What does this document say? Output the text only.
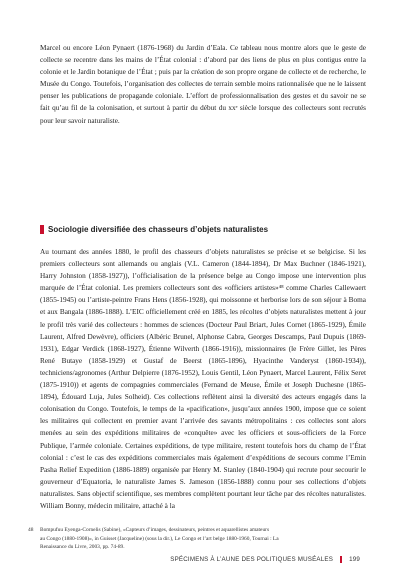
Marcel ou encore Léon Pynaert (1876-1968) du Jardin d’Eala. Ce tableau nous montre alors que le geste de collecte se recentre dans les mains de l’État colonial : d’abord par des liens de plus en plus contigus entre la colonie et le Jardin botanique de l’État ; puis par la création de son propre organe de collecte et de recherche, le Musée du Congo. Toutefois, l’organisation des collectes de terrain semble moins rationnalisée que ne le laissent penser les publications de propagande coloniale. L’effort de professionnalisation des gestes et du savoir ne se fait qu’au fil de la colonisation, et surtout à partir du début du xxᵉ siècle lorsque des collecteurs sont recrutés pour leur savoir naturaliste.

Sociologie diversifiée des chasseurs d’objets naturalistes

Au tournant des années 1880, le profil des chasseurs d’objets naturalistes se précise et se belgicise. Si les premiers collecteurs sont allemands ou anglais (V.L. Cameron (1844-1894), Dr Max Buchner (1846-1921), Harry Johnston (1858-1927)), l’officialisation de la présence belge au Congo impose une intervention plus marquée de l’État colonial. Les premiers collecteurs sont des «officiers artistes»⁴⁸ comme Charles Callewaert (1855-1945) ou l’artiste-peintre Frans Hens (1856-1928), qui moissonne et herborise lors de son séjour à Boma et aux Bangala (1886-1888). L’EIC officiellement créé en 1885, les récoltes d’objets naturalistes mettent à jour le profil très varié des collecteurs : hommes de sciences (Docteur Paul Briart, Jules Cornet (1865-1929), Émile Laurent, Alfred Dewèvre), officiers (Albéric Brunel, Alphonse Cabra, Georges Descamps, Paul Dupuis (1869-1931), Edgar Verdick (1868-1927), Étienne Wilverth (1866-1916)), missionnaires (le Frère Gillet, les Pères René Butaye (1858-1929) et Gustaf de Beerst (1865-1896), Hyacinthe Vanderyst (1860-1934)), techniciens/agronomes (Arthur Delpierre (1876-1952), Louis Gentil, Léon Pynaert, Marcel Laurent, Félix Seret (1875-1910)) et agents de compagnies commerciales (Fernand de Meuse, Émile et Joseph Duchesne (1865-1894), Édouard Luja, Jules Solheid). Ces collections reflètent ainsi la diversité des acteurs engagés dans la colonisation du Congo. Toutefois, le temps de la «pacification», jusqu’aux années 1900, impose que ce soient les militaires qui collectent en premier avant l’arrivée des savants métropolitains : ces collectes sont alors menées au sein des expéditions militaires de «conquête» avec les officiers et sous-officiers de la Force Publique, l’armée coloniale. Certaines expéditions, de type militaire, restent toutefois hors du champ de l’État colonial : c’est le cas des expéditions commerciales mais également d’expéditions de secours comme l’Emin Pasha Relief Expedition (1886-1889) organisée par Henry M. Stanley (1840-1904) qui recrute pour secourir le gouverneur d’Equatoria, le naturaliste James S. Jameson (1856-1888) connu pour ses collections d’objets naturalistes. Sans objectif scientifique, ses membres complètent pourtant leur tâche par des récoltes naturalistes. William Bonny, médecin militaire, attaché à la

48 Bompufuu Eyenga-Cornelis (Sabine), «Capteurs d’images, dessinateurs, peintres et aquarellistes amateurs
au Congo (1880-1908)», in Guisset (Jacqueline) (sous la dir.), Le Congo et l’art belge 1880-1960, Tournai : La
Renaissance du Livre, 2003, pp. 74-89.
SPÉCIMENS À L’AUNE DES POLITIQUES MUSÉALES	199
